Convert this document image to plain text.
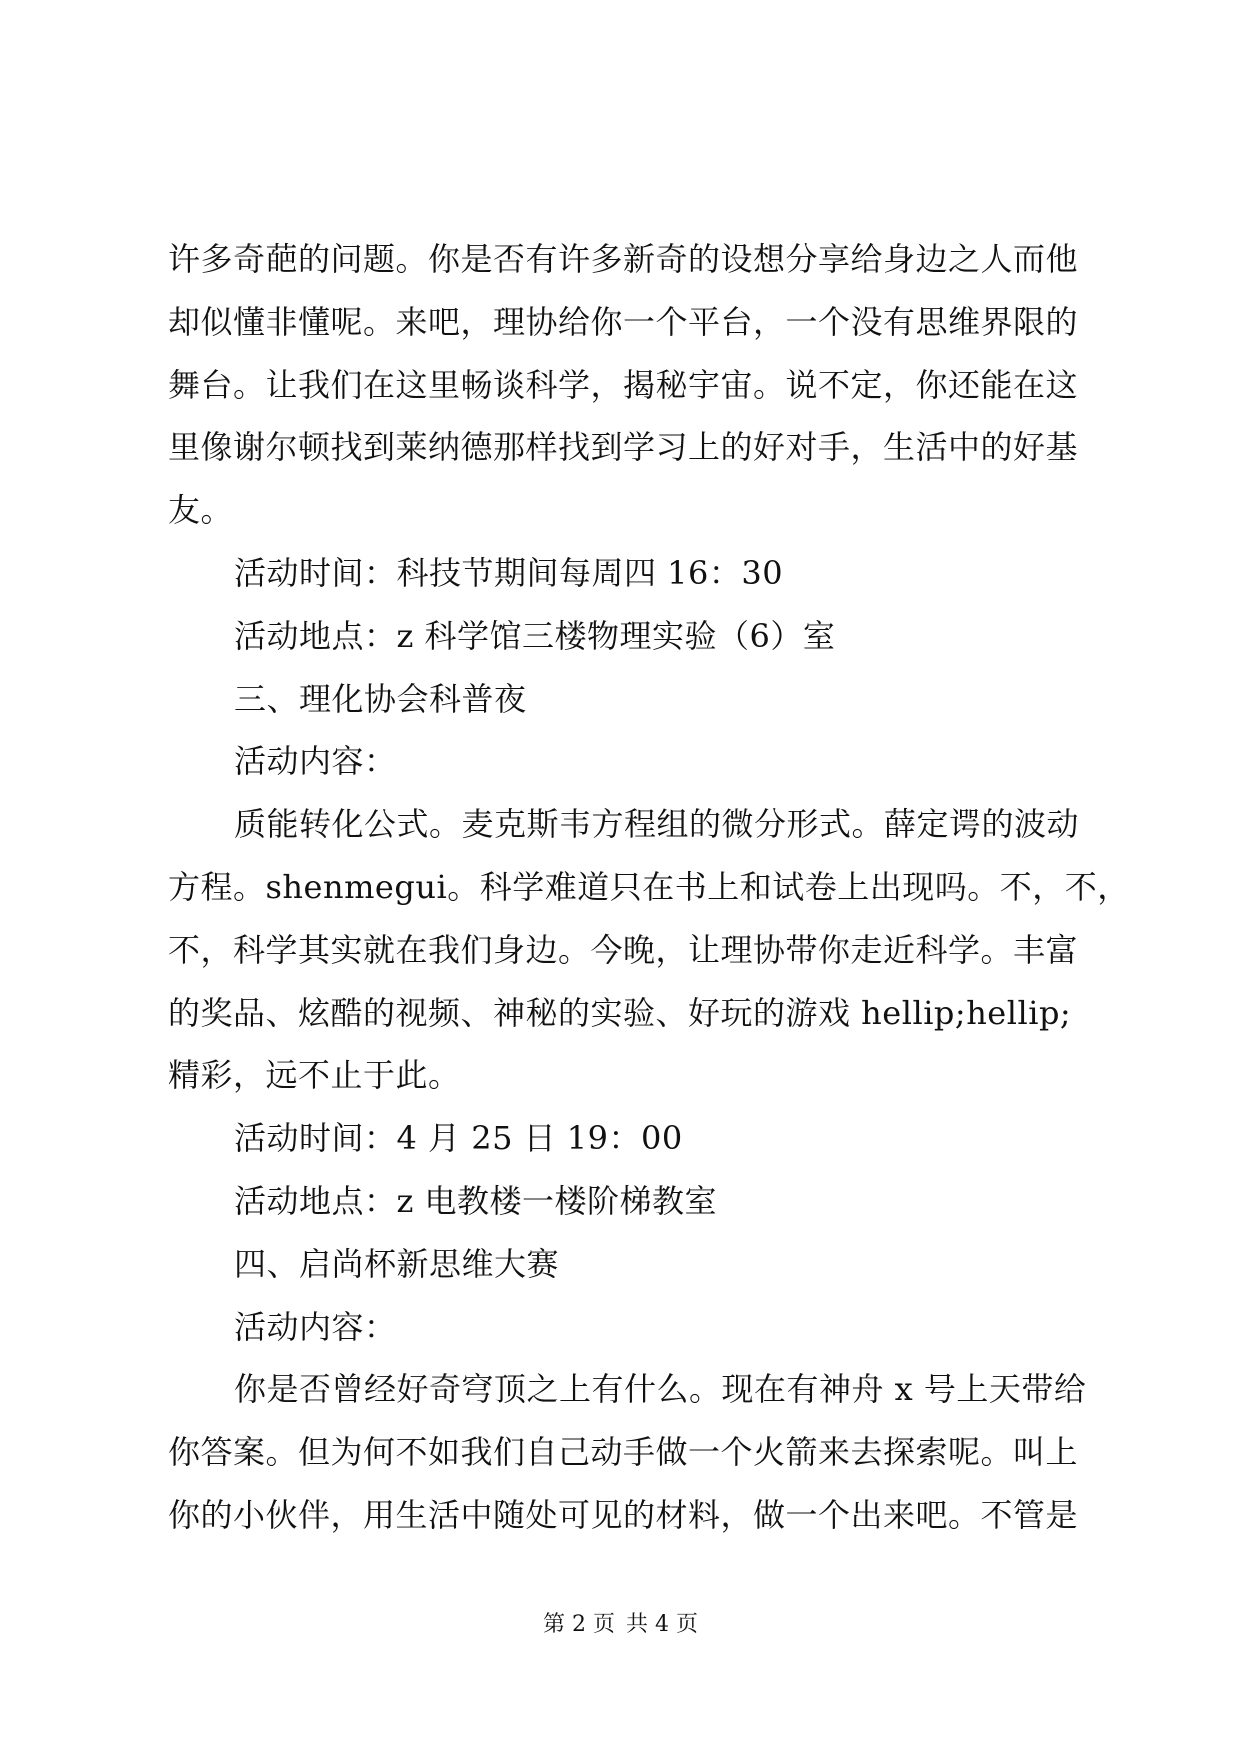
许多奇葩的问题。你是否有许多新奇的设想分享给身边之人而他
却似懂非懂呢。来吧，理协给你一个平台，一个没有思维界限的
舞台。让我们在这里畅谈科学，揭秘宇宙。说不定，你还能在这
里像谢尔顿找到莱纳德那样找到学习上的好对手，生活中的好基
友。
活动时间：科技节期间每周四 16：30
活动地点：z 科学馆三楼物理实验（6）室
三、理化协会科普夜
活动内容：
质能转化公式。麦克斯韦方程组的微分形式。薛定谔的波动
方程。shenmegui。科学难道只在书上和试卷上出现吗。不，不，
不，科学其实就在我们身边。今晚，让理协带你走近科学。丰富
的奖品、炫酷的视频、神秘的实验、好玩的游戏 hellip;hellip;
精彩，远不止于此。
活动时间：4 月 25 日 19：00
活动地点：z 电教楼一楼阶梯教室
四、启尚杯新思维大赛
活动内容：
你是否曾经好奇穹顶之上有什么。现在有神舟 x 号上天带给
你答案。但为何不如我们自己动手做一个火箭来去探索呢。叫上
你的小伙伴，用生活中随处可见的材料，做一个出来吧。不管是
第 2 页 共 4 页
